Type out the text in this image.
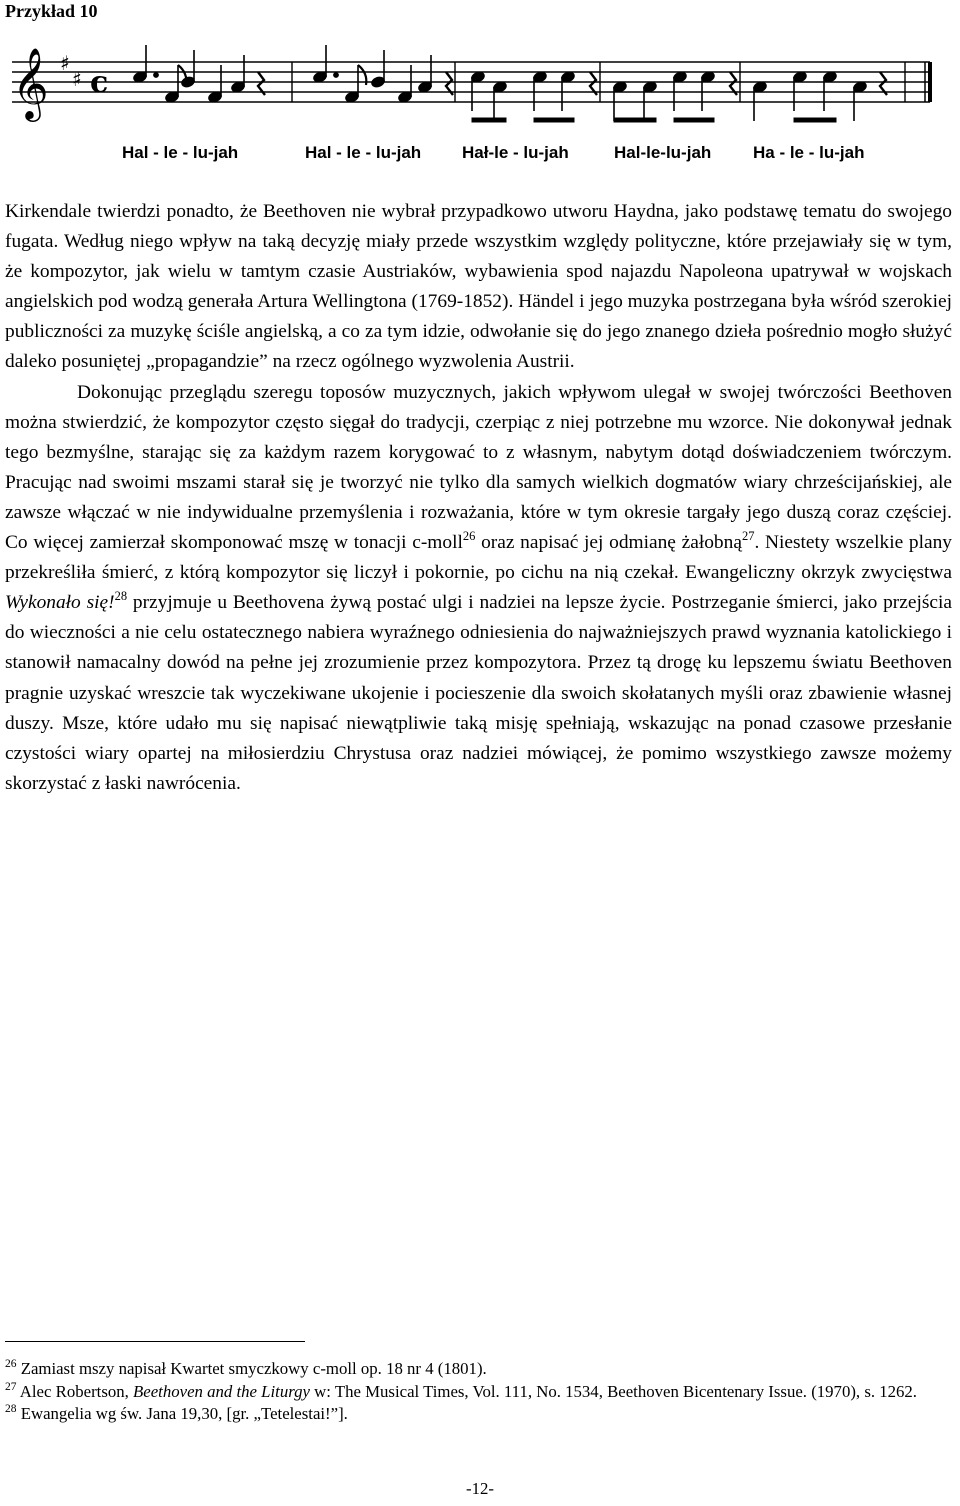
Przykład 10
𝄞 ♯
♯ c
Hal - le - lu-jah	Hal - le - lu-jah Hał-le - lu-jah	Hal-le-lu-jah Ha - le - lu-jah

Kirkendale twierdzi ponadto, że Beethoven nie wybrał przypadkowo utworu Haydna, jako podstawę tematu do swojego fugata. Według niego wpływ na taką decyzję miały przede wszystkim względy polityczne, które przejawiały się w tym, że kompozytor, jak wielu w tamtym czasie Austriaków, wybawienia spod najazdu Napoleona upatrywał w wojskach angielskich pod wodzą generała Artura Wellingtona (1769-1852). Händel i jego muzyka postrzegana była wśród szerokiej publiczności za muzykę ściśle angielską, a co za tym idzie, odwołanie się do jego znanego dzieła pośrednio mogło służyć daleko posuniętej „propagandzie” na rzecz ogólnego wyzwolenia Austrii.

Dokonując przeglądu szeregu toposów muzycznych, jakich wpływom ulegał w swojej twórczości Beethoven można stwierdzić, że kompozytor często sięgał do tradycji, czerpiąc z niej potrzebne mu wzorce. Nie dokonywał jednak tego bezmyślne, starając się za każdym razem korygować to z własnym, nabytym dotąd doświadczeniem twórczym. Pracując nad swoimi mszami starał się je tworzyć nie tylko dla samych wielkich dogmatów wiary chrześcijańskiej, ale zawsze włączać w nie indywidualne przemyślenia i rozważania, które w tym okresie targały jego duszą coraz częściej. Co więcej zamierzał skomponować mszę w tonacji c-moll$^{26}$ oraz napisać jej odmianę żałobną$^{27}$. Niestety wszelkie plany przekreśliła śmierć, z którą kompozytor się liczył i pokornie, po cichu na nią czekał. Ewangeliczny okrzyk zwycięstwa Wykonało się!$^{28}$ przyjmuje u Beethovena żywą postać ulgi i nadziei na lepsze życie. Postrzeganie śmierci, jako przejścia do wieczności a nie celu ostatecznego nabiera wyraźnego odniesienia do najważniejszych prawd wyznania katolickiego i stanowił namacalny dowód na pełne jej zrozumienie przez kompozytora. Przez tą drogę ku lepszemu światu Beethoven pragnie uzyskać wreszcie tak wyczekiwane ukojenie i pocieszenie dla swoich skołatanych myśli oraz zbawienie własnej duszy. Msze, które udało mu się napisać niewątpliwie taką misję spełniają, wskazując na ponad czasowe przesłanie czystości wiary opartej na miłosierdziu Chrystusa oraz nadziei mówiącej, że pomimo wszystkiego zawsze możemy skorzystać z łaski nawrócenia.

$^{26}$ Zamiast mszy napisał Kwartet smyczkowy c-moll op. 18 nr 4 (1801).

$^{27}$ Alec Robertson, Beethoven and the Liturgy w: The Musical Times, Vol. 111, No. 1534, Beethoven Bicentenary Issue. (1970), s. 1262.

$^{28}$ Ewangelia wg św. Jana 19,30, [gr. „Tetelestai!”].

-12-
